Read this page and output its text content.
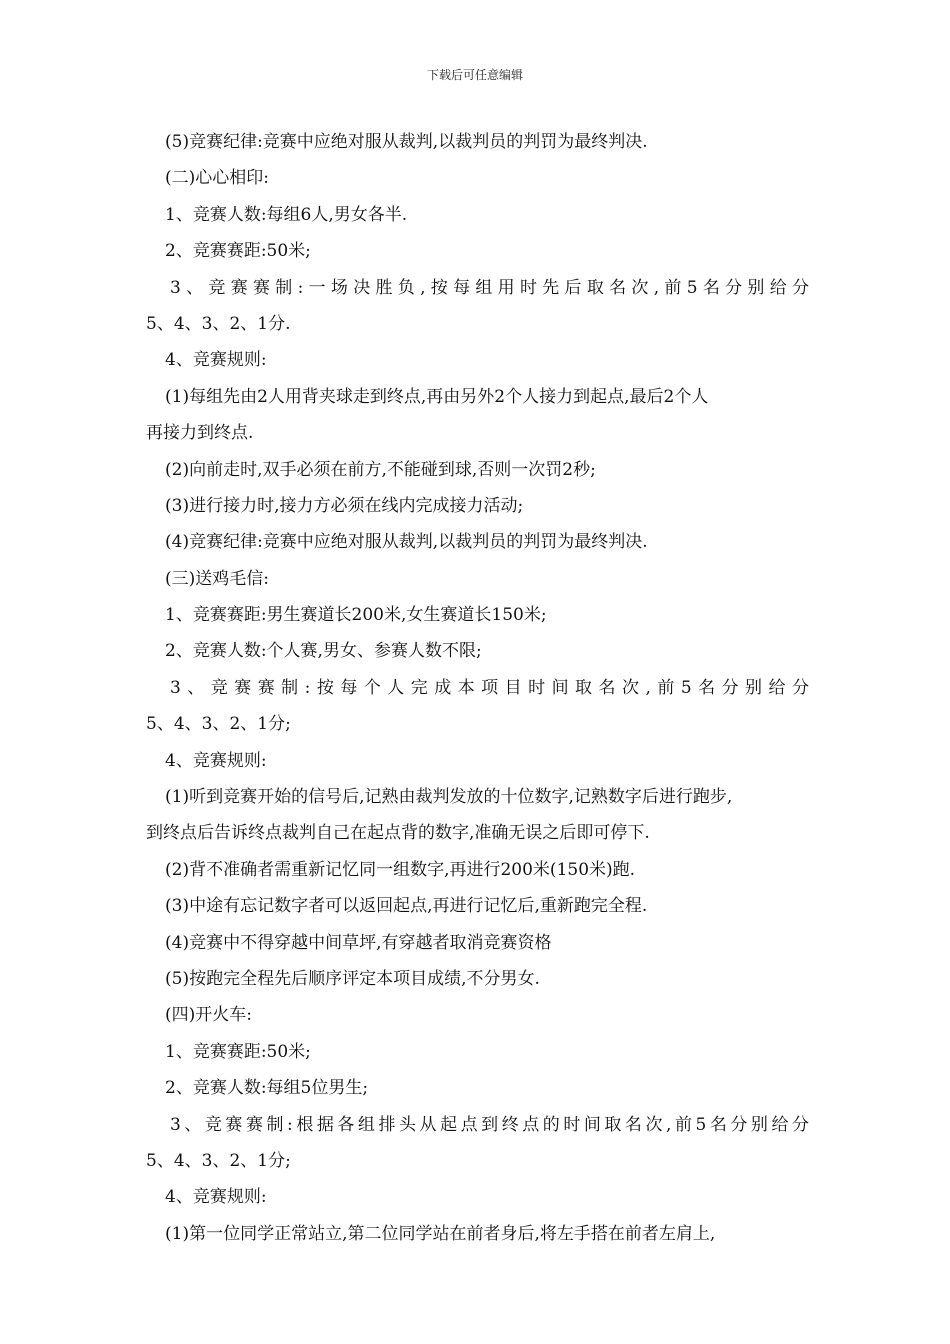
下载后可任意编辑
(5)竞赛纪律:竞赛中应绝对服从裁判,以裁判员的判罚为最终判决.
(二)心心相印:
1、竞赛人数:每组6人,男女各半.
2、竞赛赛距:50米;
3、竞赛赛制:一场决胜负,按每组用时先后取名次,前5名分别给分
5、4、3、2、1分.
4、竞赛规则:
(1)每组先由2人用背夹球走到终点,再由另外2个人接力到起点,最后2个人
再接力到终点.
(2)向前走时,双手必须在前方,不能碰到球,否则一次罚2秒;
(3)进行接力时,接力方必须在线内完成接力活动;
(4)竞赛纪律:竞赛中应绝对服从裁判,以裁判员的判罚为最终判决.
(三)送鸡毛信:
1、竞赛赛距:男生赛道长200米,女生赛道长150米;
2、竞赛人数:个人赛,男女、参赛人数不限;
3、竞赛赛制:按每个人完成本项目时间取名次,前5名分别给分
5、4、3、2、1分;
4、竞赛规则:
(1)听到竞赛开始的信号后,记熟由裁判发放的十位数字,记熟数字后进行跑步,
到终点后告诉终点裁判自己在起点背的数字,准确无误之后即可停下.
(2)背不准确者需重新记忆同一组数字,再进行200米(150米)跑.
(3)中途有忘记数字者可以返回起点,再进行记忆后,重新跑完全程.
(4)竞赛中不得穿越中间草坪,有穿越者取消竞赛资格
(5)按跑完全程先后顺序评定本项目成绩,不分男女.
(四)开火车:
1、竞赛赛距:50米;
2、竞赛人数:每组5位男生;
3、竞赛赛制:根据各组排头从起点到终点的时间取名次,前5名分别给分
5、4、3、2、1分;
4、竞赛规则:
(1)第一位同学正常站立,第二位同学站在前者身后,将左手搭在前者左肩上,
